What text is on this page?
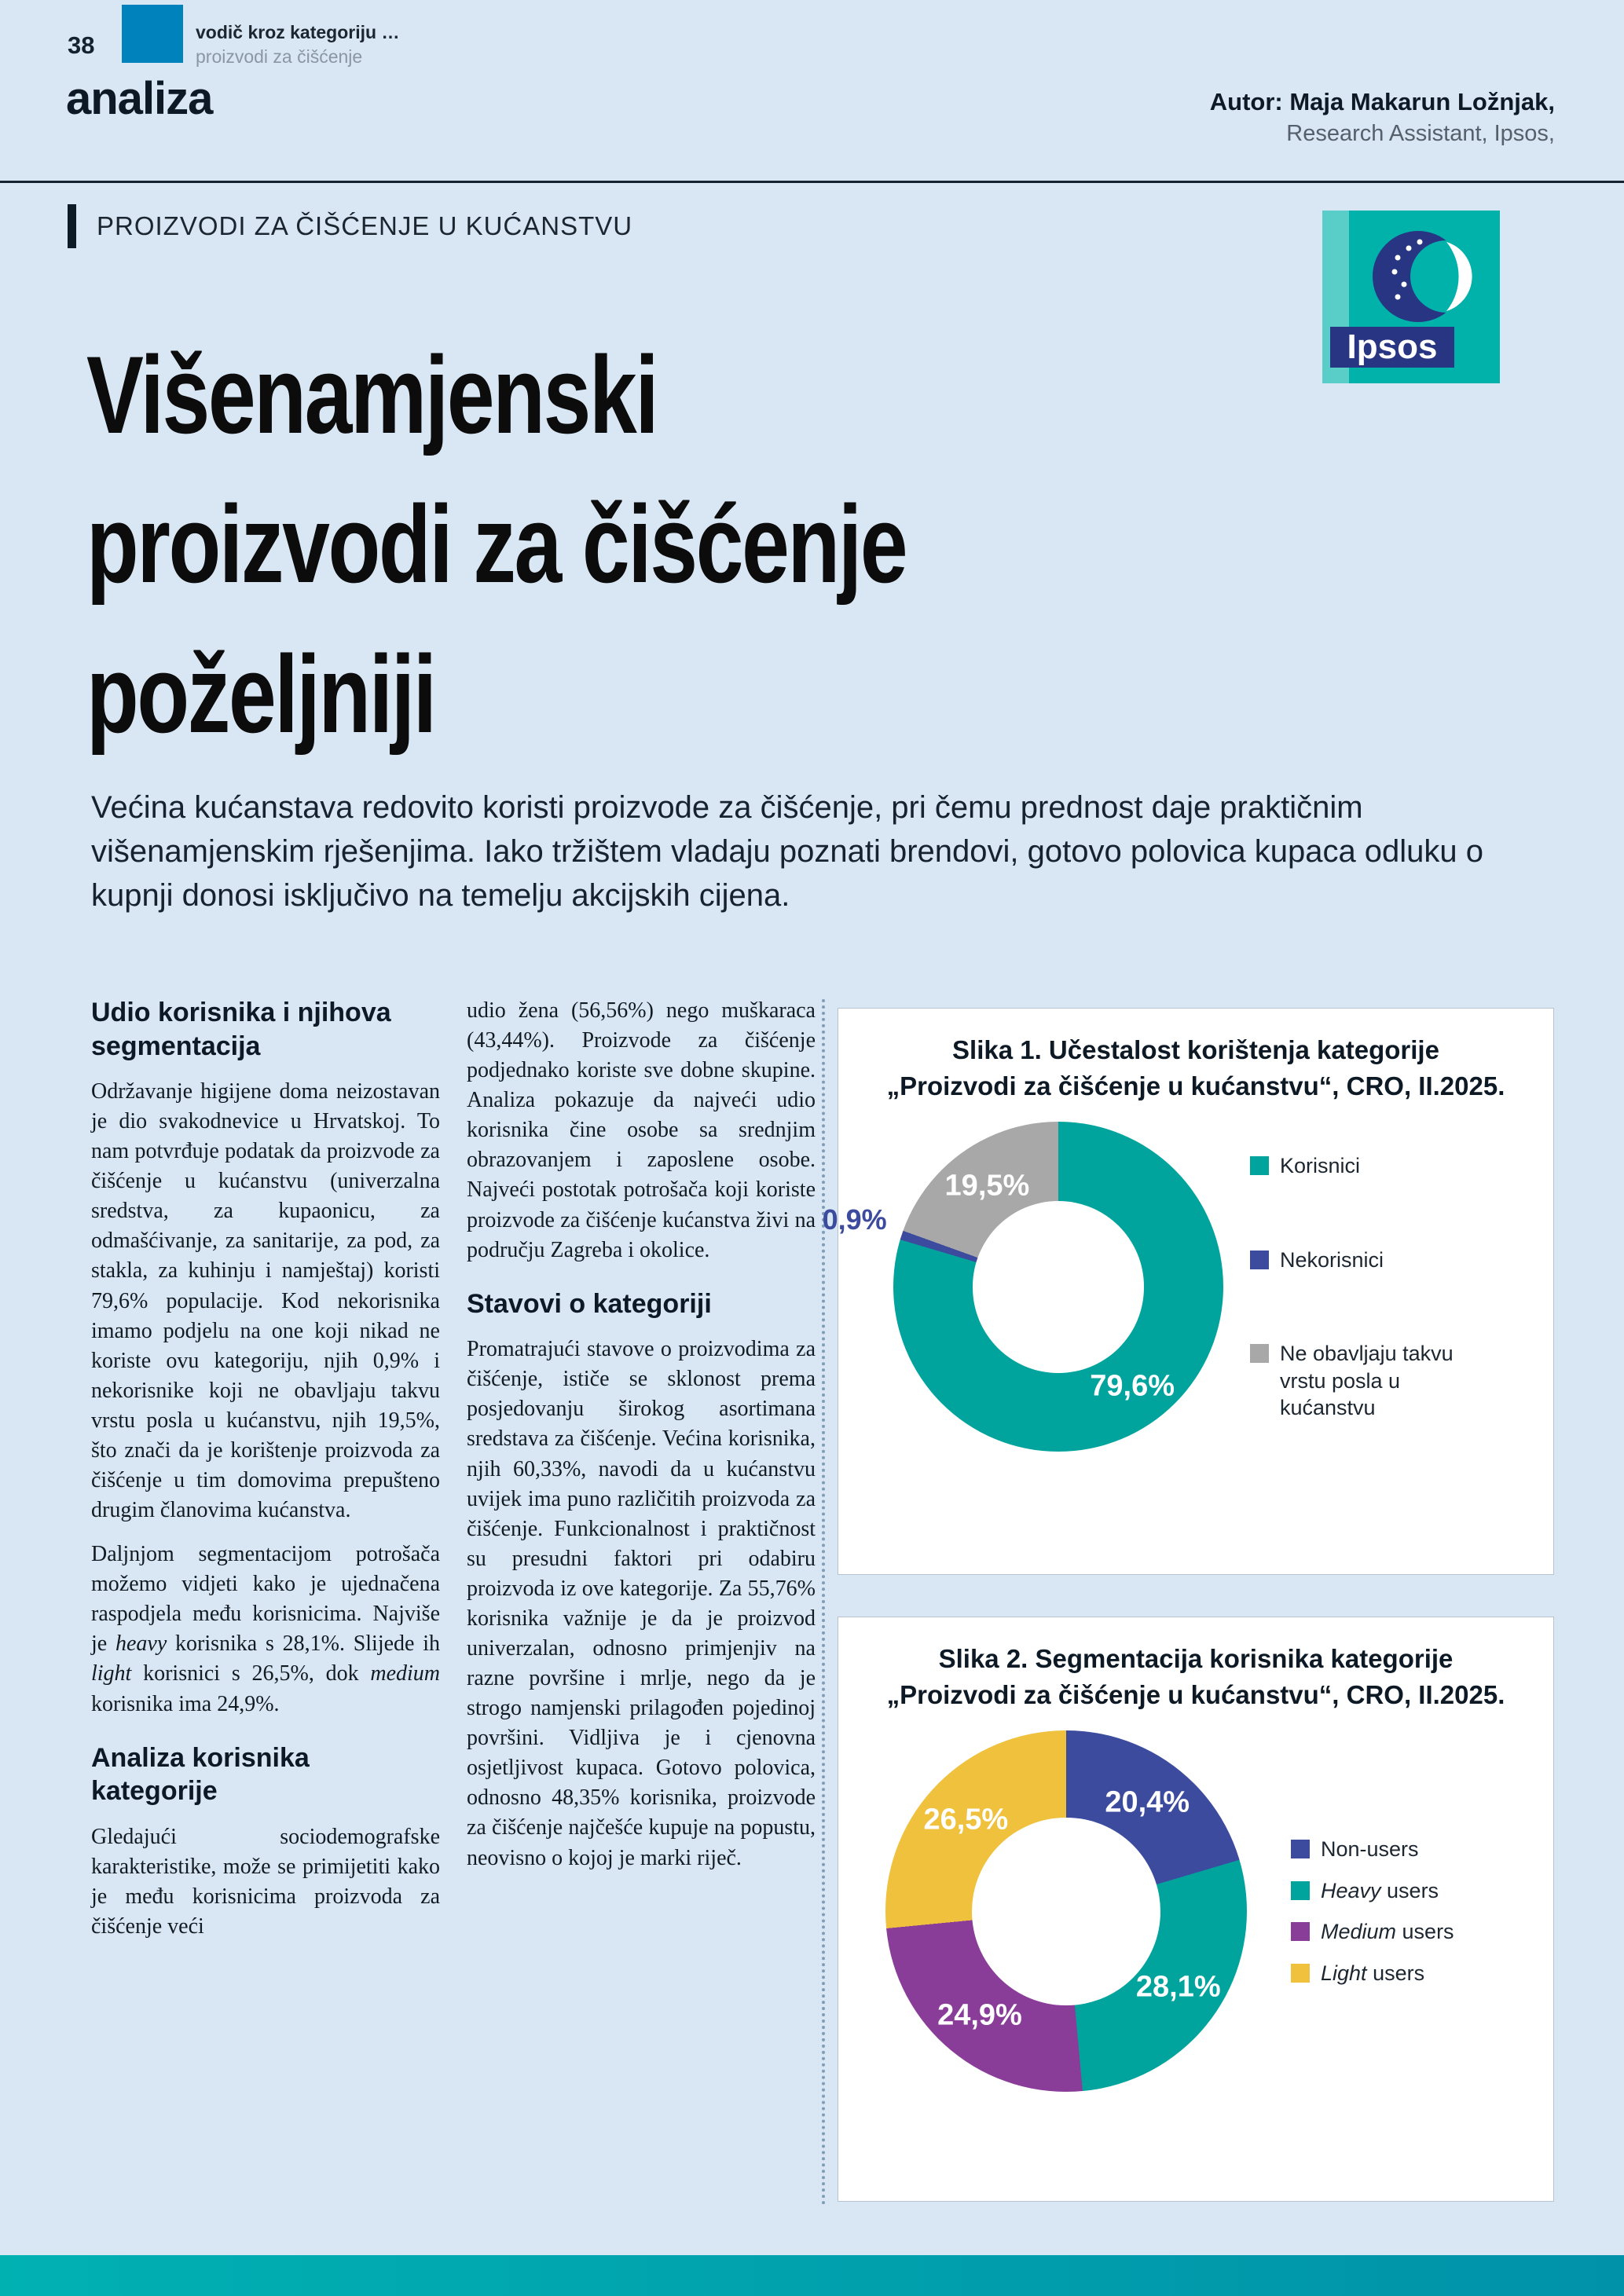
38	vodič kroz kategoriju …
proizvodi za čišćenje
analiza	Autor: Maja Makarun Ložnjak,
Research Assistant, Ipsos,
PROIZVODI ZA ČIŠĆENJE U KUĆANSTVU
Ipsos
Višenamjenski
proizvodi za čišćenje
poželjniji

Većina kućanstava redovito koristi proizvode za čišćenje, pri čemu prednost daje praktičnim višenamjenskim rješenjima. Iako tržištem vladaju poznati brendovi, gotovo polovica kupaca odluku o kupnji donosi isključivo na temelju akcijskih cijena.

Udio korisnika i njihova segmentacija

Održavanje higijene doma neizostavan je dio svakodnevice u Hrvatskoj. To nam potvrđuje podatak da proizvode za čišćenje u kućanstvu (univerzalna sredstva, za kupaonicu, za odmašćivanje, za sanitarije, za pod, za stakla, za kuhinju i namještaj) koristi 79,6% populacije. Kod nekorisnika imamo podjelu na one koji nikad ne koriste ovu kategoriju, njih 0,9% i nekorisnike koji ne obavljaju takvu vrstu posla u kućanstvu, njih 19,5%, što znači da je korištenje proizvoda za čišćenje u tim domovima prepušteno drugim članovima kućanstva.

Daljnjom segmentacijom potrošača možemo vidjeti kako je ujednačena raspodjela među korisnicima. Najviše je heavy korisnika s 28,1%. Slijede ih light korisnici s 26,5%, dok medium korisnika ima 24,9%.

Analiza korisnika kategorije

Gledajući sociodemografske karakteristike, može se primijetiti kako je među korisnicima proizvoda za čišćenje veći

udio žena (56,56%) nego muškaraca (43,44%). Proizvode za čišćenje podjednako koriste sve dobne skupine. Analiza pokazuje da najveći udio korisnika čine osobe sa srednjim obrazovanjem i zaposlene osobe. Najveći postotak potrošača koji koriste proizvode za čišćenje kućanstva živi na području Zagreba i okolice.

Stavovi o kategoriji

Promatrajući stavove o proizvodima za čišćenje, ističe se sklonost prema posjedovanju širokog asortimana sredstava za čišćenje. Većina korisnika, njih 60,33%, navodi da u kućanstvu uvijek ima puno različitih proizvoda za čišćenje. Funkcionalnost i praktičnost su presudni faktori pri odabiru proizvoda iz ove kategorije. Za 55,76% korisnika važnije je da je proizvod univerzalan, odnosno primjenjiv na razne površine i mrlje, nego da je strogo namjenski prilagođen pojedinoj površini. Vidljiva je i cjenovna osjetljivost kupaca. Gotovo polovica, odnosno 48,35% korisnika, proizvode za čišćenje najčešće kupuje na popustu, neovisno o kojoj je marki riječ.

Slika 1. Učestalost korištenja kategorije
„Proizvodi za čišćenje u kućanstvu“, CRO, II.2025.
79,6%
0,9%
19,5%
Korisnici
Nekorisnici
Ne obavljaju takvu vrstu posla u kućanstvu
Slika 2. Segmentacija korisnika kategorije
„Proizvodi za čišćenje u kućanstvu“, CRO, II.2025.
20,4%
28,1%
24,9%
26,5%
Non-users
Heavy users
Medium users
Light users
